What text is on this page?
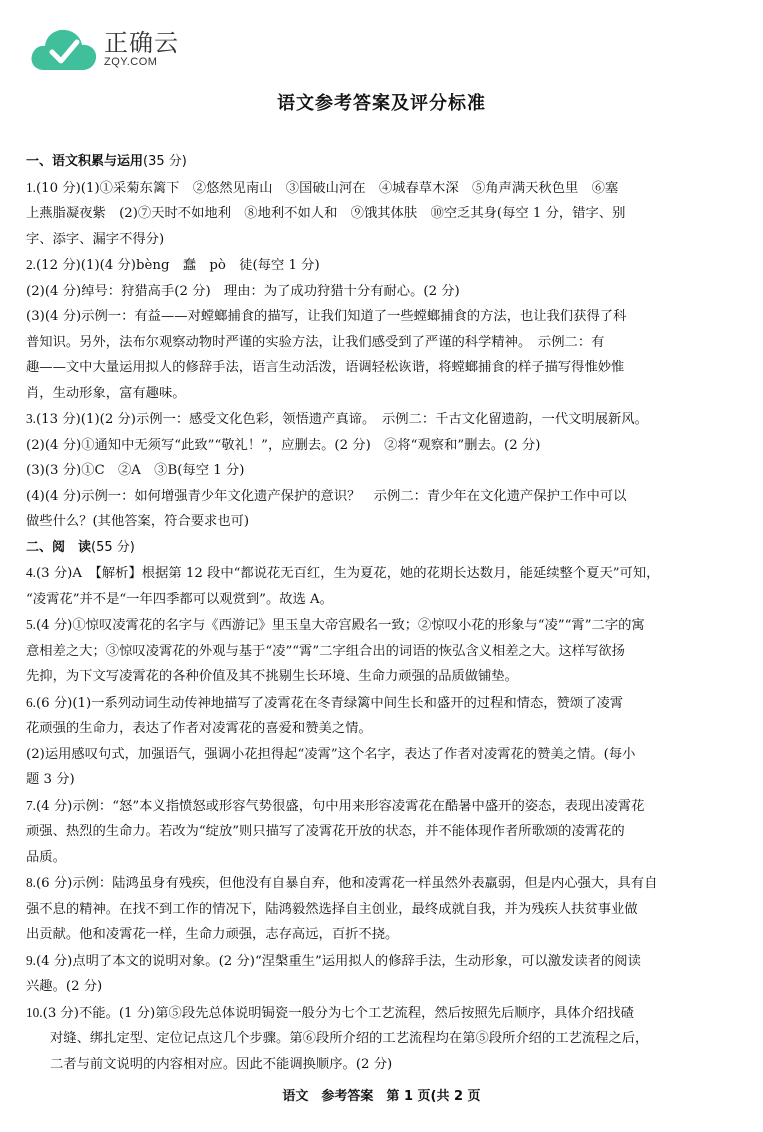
正确云
ZQY.COM
语文参考答案及评分标准

一、语文积累与运用(35 分)

1.(10 分)(1)①采菊东篱下　②悠然见南山　③国破山河在　④城春草木深　⑤角声满天秋色里　⑥塞

上燕脂凝夜紫　(2)⑦天时不如地利　⑧地利不如人和　⑨饿其体肤　⑩空乏其身(每空 1 分，错字、别

字、添字、漏字不得分)

2.(12 分)(1)(4 分)bèng　蠢　pò　徒(每空 1 分)

(2)(4 分)绰号：狩猎高手(2 分)　理由：为了成功狩猎十分有耐心。(2 分)

(3)(4 分)示例一：有益——对螳螂捕食的描写，让我们知道了一些螳螂捕食的方法，也让我们获得了科

普知识。另外，法布尔观察动物时严谨的实验方法，让我们感受到了严谨的科学精神。　示例二：有

趣——文中大量运用拟人的修辞手法，语言生动活泼，语调轻松诙谐，将螳螂捕食的样子描写得惟妙惟

肖，生动形象，富有趣味。

3.(13 分)(1)(2 分)示例一：感受文化色彩，领悟遗产真谛。　示例二：千古文化留遗韵，一代文明展新风。

(2)(4 分)①通知中无须写“此致”“敬礼！”，应删去。(2 分)　②将“观察和”删去。(2 分)

(3)(3 分)①C　②A　③B(每空 1 分)

(4)(4 分)示例一：如何增强青少年文化遗产保护的意识？　示例二：青少年在文化遗产保护工作中可以

做些什么？(其他答案，符合要求也可)

二、阅　读(55 分)

4.(3 分)A　【解析】根据第 12 段中“都说花无百红，生为夏花，她的花期长达数月，能延续整个夏天”可知，

“凌霄花”并不是“一年四季都可以观赏到”。故选 A。

5.(4 分)①惊叹凌霄花的名字与《西游记》里玉皇大帝宫殿名一致；②惊叹小花的形象与“凌”“霄”二字的寓

意相差之大；③惊叹凌霄花的外观与基于“凌”“霄”二字组合出的词语的恢弘含义相差之大。这样写欲扬

先抑，为下文写凌霄花的各种价值及其不挑剔生长环境、生命力顽强的品质做铺垫。

6.(6 分)(1)一系列动词生动传神地描写了凌霄花在冬青绿篱中间生长和盛开的过程和情态，赞颂了凌霄

花顽强的生命力，表达了作者对凌霄花的喜爱和赞美之情。

(2)运用感叹句式，加强语气，强调小花担得起“凌霄”这个名字，表达了作者对凌霄花的赞美之情。(每小

题 3 分)

7.(4 分)示例：“怒”本义指愤怒或形容气势很盛，句中用来形容凌霄花在酷暑中盛开的姿态，表现出凌霄花

顽强、热烈的生命力。若改为“绽放”则只描写了凌霄花开放的状态，并不能体现作者所歌颂的凌霄花的

品质。

8.(6 分)示例：陆鸿虽身有残疾，但他没有自暴自弃，他和凌霄花一样虽然外表羸弱，但是内心强大，具有自

强不息的精神。在找不到工作的情况下，陆鸿毅然选择自主创业，最终成就自我，并为残疾人扶贫事业做

出贡献。他和凌霄花一样，生命力顽强，志存高远，百折不挠。

9.(4 分)点明了本文的说明对象。(2 分)“涅槃重生”运用拟人的修辞手法，生动形象，可以激发读者的阅读

兴趣。(2 分)

10.(3 分)不能。(1 分)第⑤段先总体说明锔瓷一般分为七个工艺流程，然后按照先后顺序，具体介绍找碴

对缝、绑扎定型、定位记点这几个步骤。第⑥段所介绍的工艺流程均在第⑤段所介绍的工艺流程之后，

二者与前文说明的内容相对应。因此不能调换顺序。(2 分)

语文　参考答案　第 1 页(共 2 页
